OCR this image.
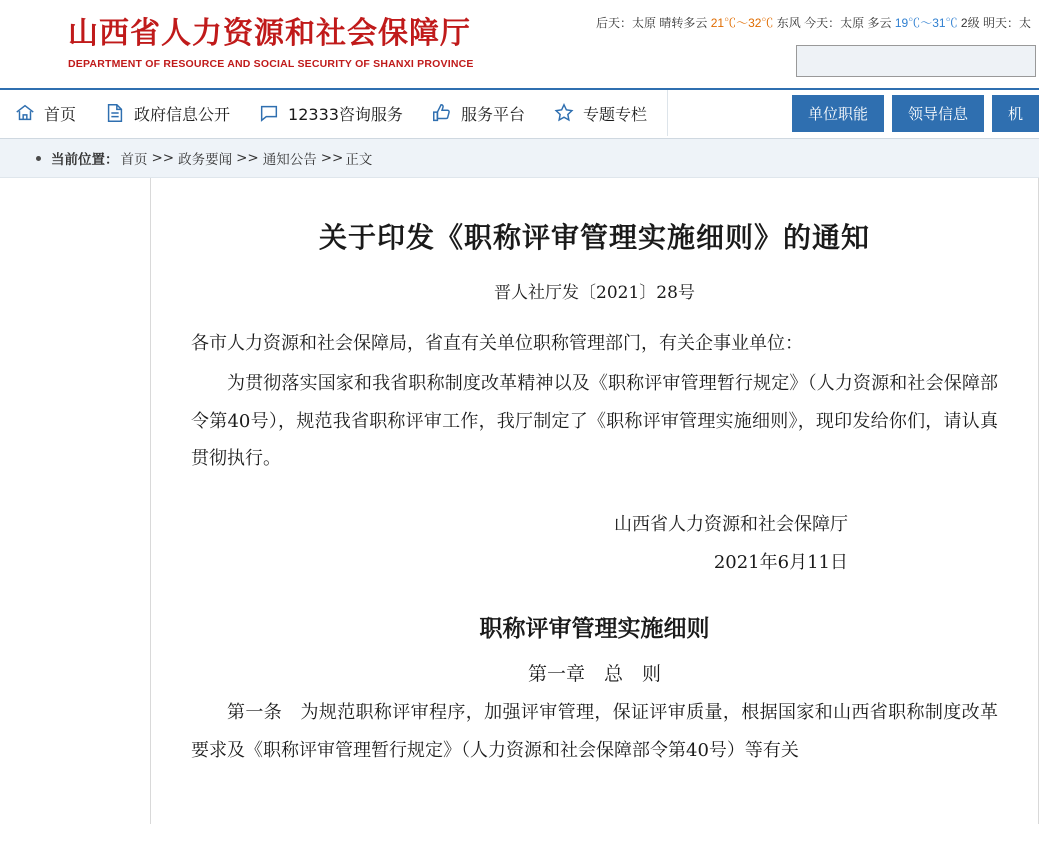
山西省人力资源和社会保障厅
DEPARTMENT OF RESOURCE AND SOCIAL SECURITY OF SHANXI PROVINCE
后天：太原 晴转多云 21℃～32℃ 东风 今天：太原 多云 19℃～31℃ 2级 明天：太
首页	政府信息公开	12333咨询服务	服务平台	专题专栏	单位职能	领导信息	机
当前位置： 首页 >> 政务要闻 >> 通知公告 >> 正文
关于印发《职称评审管理实施细则》的通知
晋人社厅发〔2021〕28号

各市人力资源和社会保障局，省直有关单位职称管理部门，有关企事业单位：

为贯彻落实国家和我省职称制度改革精神以及《职称评审管理暂行规定》（人力资源和社会保障部令第40号），规范我省职称评审工作，我厅制定了《职称评审管理实施细则》，现印发给你们，请认真贯彻执行。

山西省人力资源和社会保障厅
2021年6月11日
职称评审管理实施细则
第一章　总　则

第一条　为规范职称评审程序，加强评审管理，保证评审质量，根据国家和山西省职称制度改革要求及《职称评审管理暂行规定》（人力资源和社会保障部令第40号）等有关
